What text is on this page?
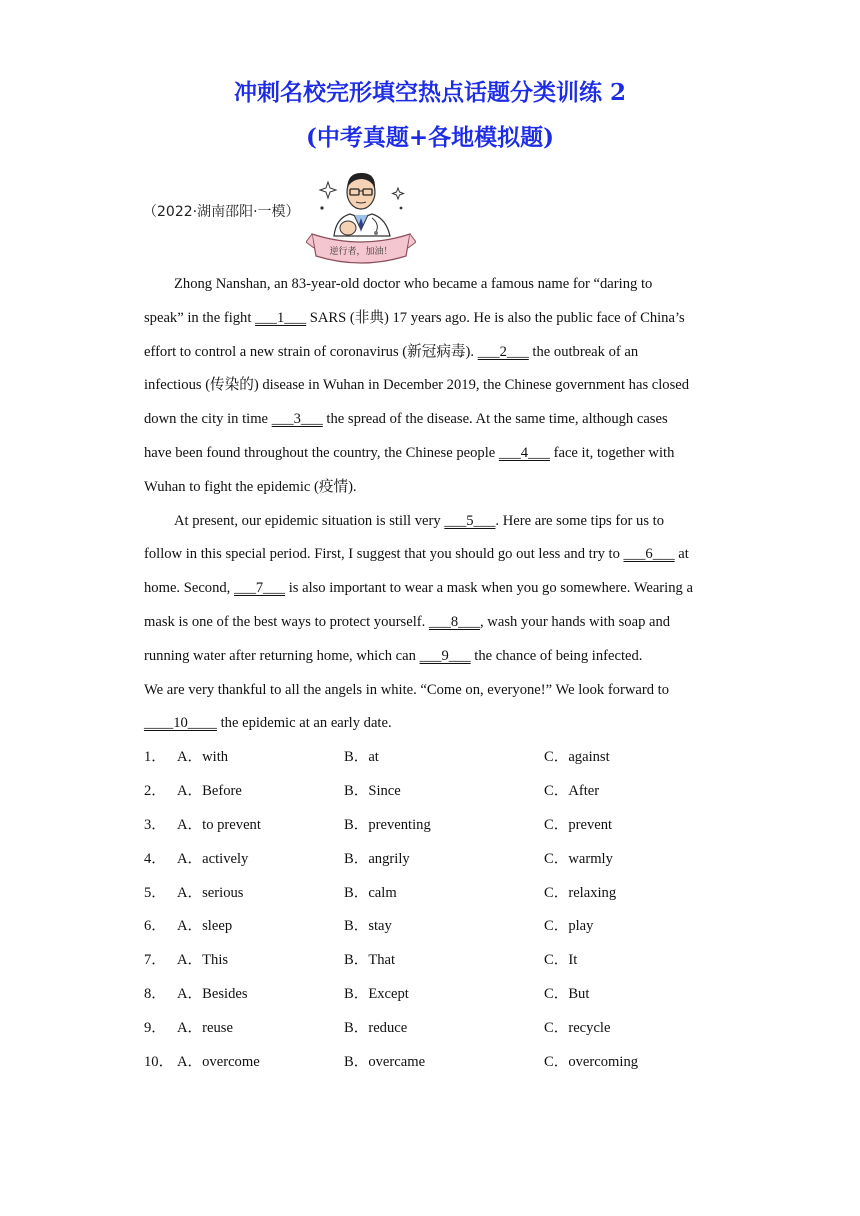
冲刺名校完形填空热点话题分类训练 2
(中考真题+各地模拟题)
（2022·湖南邵阳·一模）
逆行者，加油！
Zhong Nanshan, an 83-year-old doctor who became a famous name for “daring to
speak” in the fight ___1___ SARS (非典) 17 years ago. He is also the public face of China’s
effort to control a new strain of coronavirus (新冠病毒). ___2___ the outbreak of an
infectious (传染的) disease in Wuhan in December 2019, the Chinese government has closed
down the city in time ___3___ the spread of the disease. At the same time, although cases
have been found throughout the country, the Chinese people ___4___ face it, together with
Wuhan to fight the epidemic (疫情).
At present, our epidemic situation is still very ___5___. Here are some tips for us to
follow in this special period. First, I suggest that you should go out less and try to ___6___ at
home. Second, ___7___ is also important to wear a mask when you go somewhere. Wearing a
mask is one of the best ways to protect yourself. ___8___, wash your hands with soap and
running water after returning home, which can ___9___ the chance of being infected.
We are very thankful to all the angels in white. “Come on, everyone!” We look forward to
____10____ the epidemic at an early date.
1． A．with	B．at	C．against
2． A．Before	B．Since	C．After
3． A．to prevent	B．preventing	C．prevent
4． A．actively	B．angrily	C．warmly
5． A．serious	B．calm	C．relaxing
6． A．sleep	B．stay	C．play
7． A．This	B．That	C．It
8． A．Besides	B．Except	C．But
9． A．reuse	B．reduce	C．recycle
10． A．overcome	B．overcame	C．overcoming
